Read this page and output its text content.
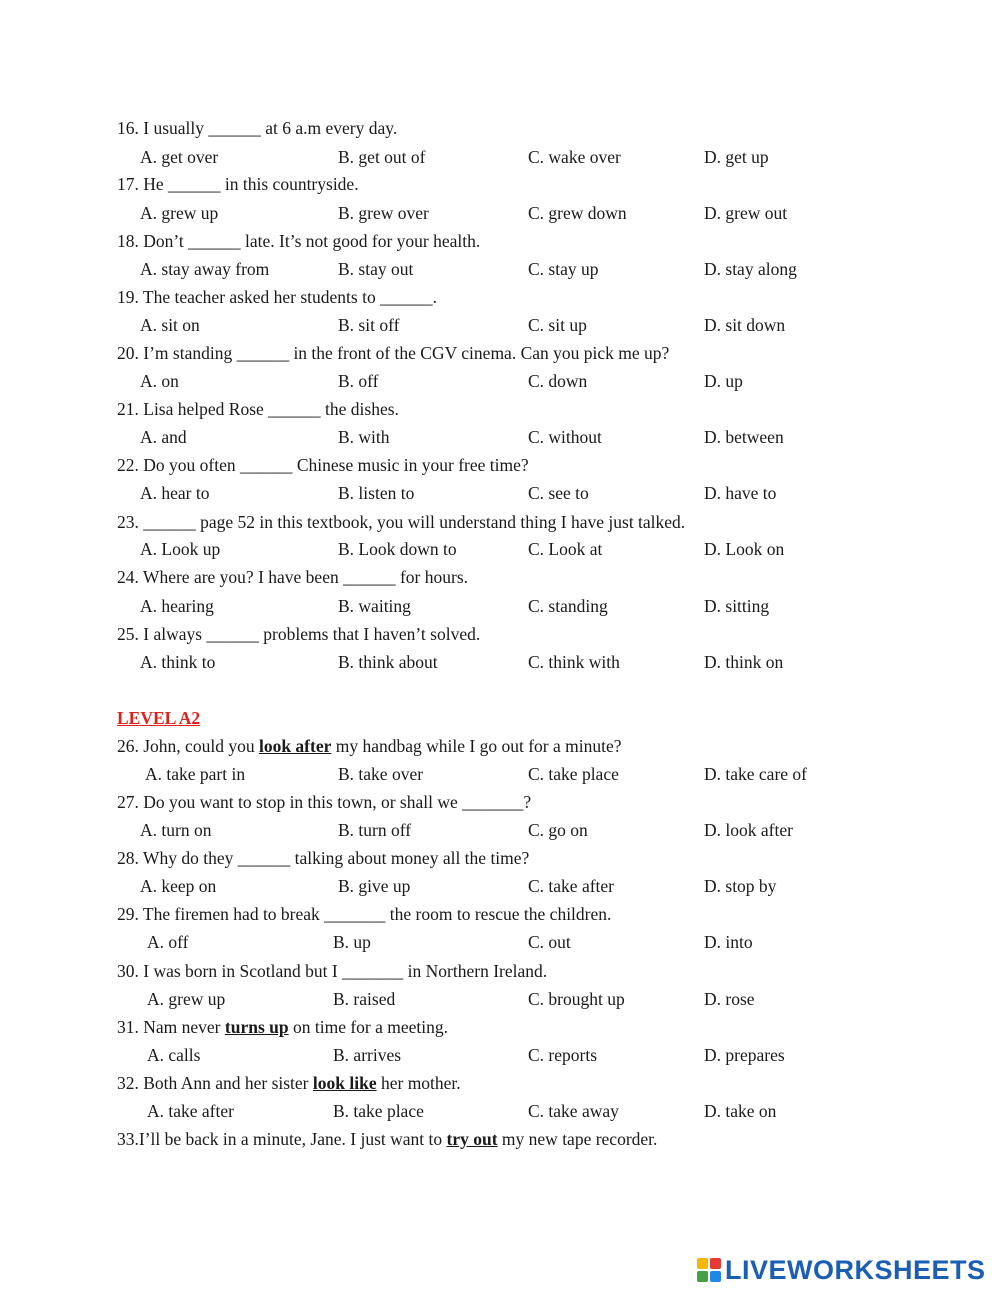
16. I usually ______ at 6 a.m every day.
A. get over	B. get out of	C. wake over	D. get up
17. He ______ in this countryside.
A. grew up	B. grew over	C. grew down	D. grew out
18. Don’t ______ late. It’s not good for your health.
A. stay away from	B. stay out	C. stay up	D. stay along
19. The teacher asked her students to ______.
A. sit on	B. sit off	C. sit up	D. sit down
20. I’m standing ______ in the front of the CGV cinema. Can you pick me up?
A. on	B. off	C. down	D. up
21. Lisa helped Rose ______ the dishes.
A. and	B. with	C. without	D. between
22. Do you often ______ Chinese music in your free time?
A. hear to	B. listen to	C. see to	D. have to
23. ______ page 52 in this textbook, you will understand thing I have just talked.
A. Look up	B. Look down to	C. Look at	D. Look on
24. Where are you? I have been ______ for hours.
A. hearing	B. waiting	C. standing	D. sitting
25. I always ______ problems that I haven’t solved.
A. think to	B. think about	C. think with	D. think on
LEVEL A2
26. John, could you look after my handbag while I go out for a minute?
A. take part in	B. take over	C. take place	D. take care of
27. Do you want to stop in this town, or shall we _______?
A. turn on	B. turn off	C. go on	D. look after
28. Why do they ______ talking about money all the time?
A. keep on	B. give up	C. take after	D. stop by
29. The firemen had to break _______ the room to rescue the children.
A. off	B. up	C. out	D. into
30. I was born in Scotland but I _______ in Northern Ireland.
A. grew up	B. raised	C. brought up	D. rose
31. Nam never turns up on time for a meeting.
A. calls	B. arrives	C. reports	D. prepares
32. Both Ann and her sister look like her mother.
A. take after	B. take place	C. take away	D. take on
33.I’ll be back in a minute, Jane. I just want to try out my new tape recorder.
LIVEWORKSHEETS
